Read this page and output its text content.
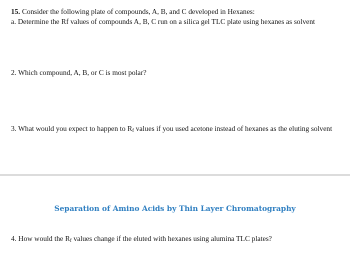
15. Consider the following plate of compounds, A, B, and C developed in Hexanes:
a. Determine the Rf values of compounds A, B, C run on a silica gel TLC plate using hexanes as solvent
2. Which compound, A, B, or C is most polar?
3. What would you expect to happen to $R_f$ values if you used acetone instead of hexanes as the eluting solvent
Separation of Amino Acids by Thin Layer Chromatography
4. How would the $R_f$ values change if the eluted with hexanes using alumina TLC plates?
